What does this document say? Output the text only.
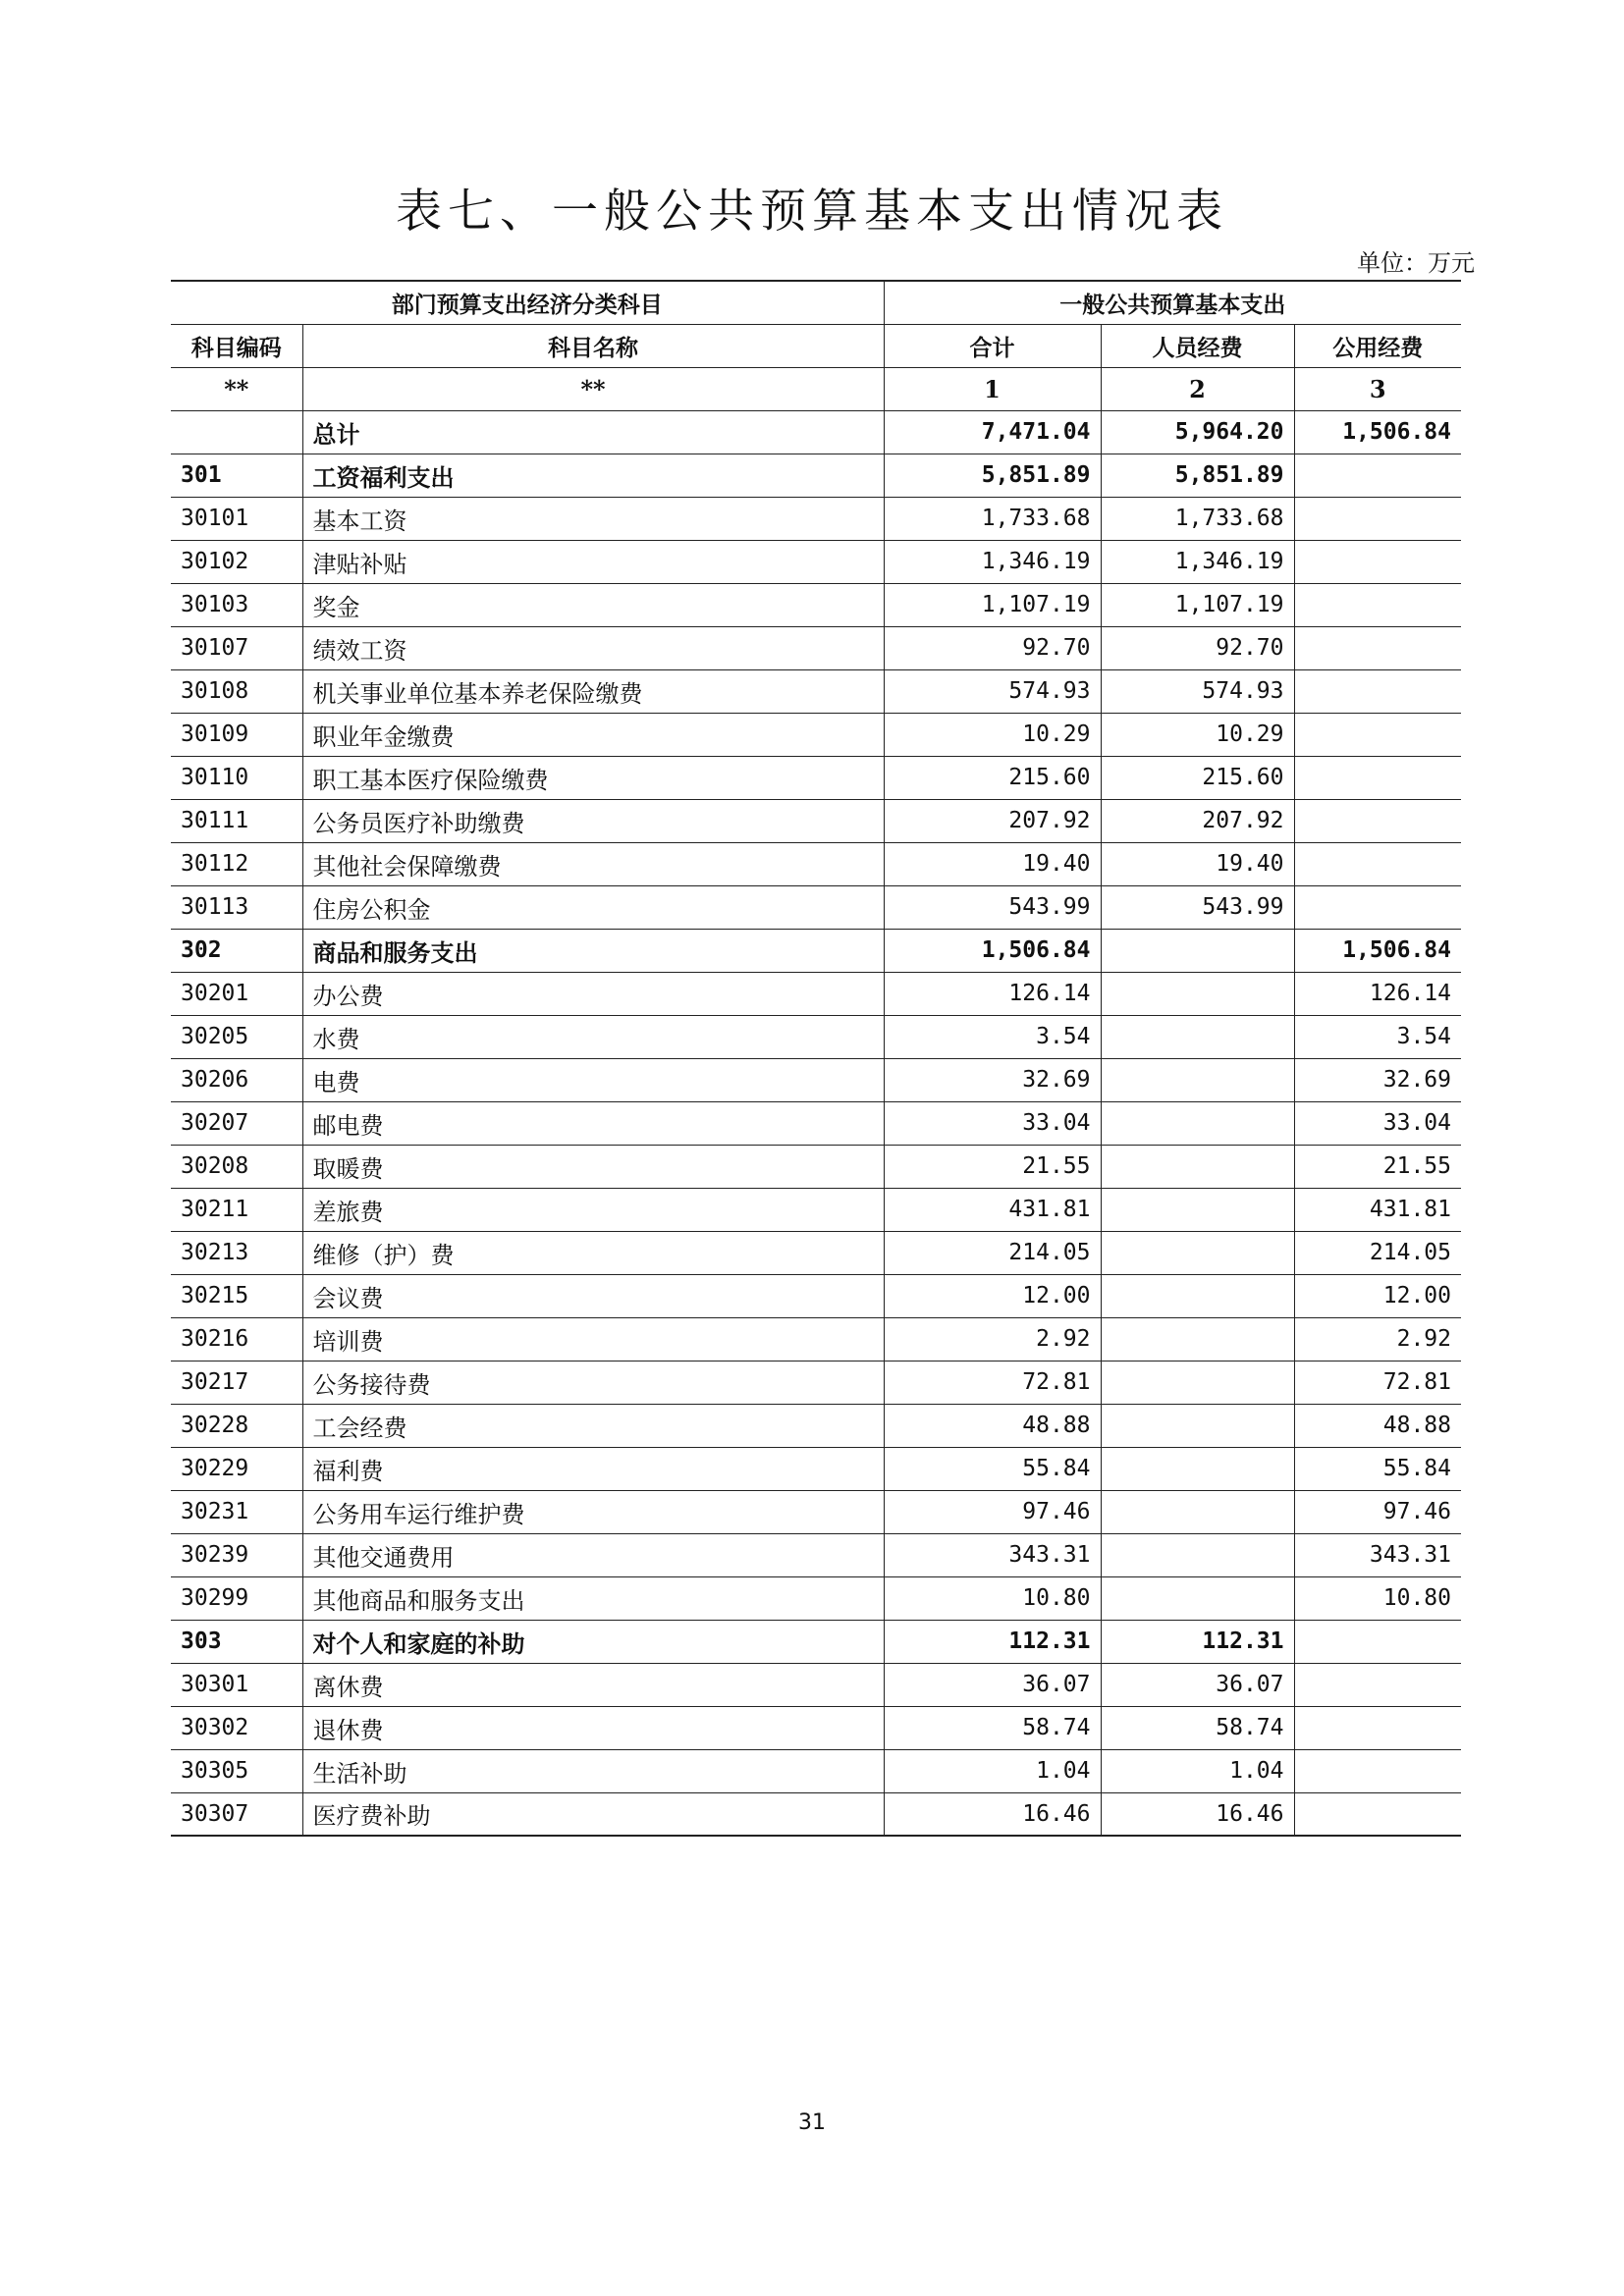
表七、一般公共预算基本支出情况表
单位：万元
部门预算支出经济分类科目		一般公共预算基本支出		
科目编码	科目名称	合计	人员经费	公用经费
**	**	1	2	3
	总计	7,471.04	5,964.20	1,506.84
301	工资福利支出	5,851.89	5,851.89	
30101	基本工资	1,733.68	1,733.68	
30102	津贴补贴	1,346.19	1,346.19	
30103	奖金	1,107.19	1,107.19	
30107	绩效工资	92.70	92.70	
30108	机关事业单位基本养老保险缴费	574.93	574.93	
30109	职业年金缴费	10.29	10.29	
30110	职工基本医疗保险缴费	215.60	215.60	
30111	公务员医疗补助缴费	207.92	207.92	
30112	其他社会保障缴费	19.40	19.40	
30113	住房公积金	543.99	543.99	
302	商品和服务支出	1,506.84		1,506.84
30201	办公费	126.14		126.14
30205	水费	3.54		3.54
30206	电费	32.69		32.69
30207	邮电费	33.04		33.04
30208	取暖费	21.55		21.55
30211	差旅费	431.81		431.81
30213	维修（护）费	214.05		214.05
30215	会议费	12.00		12.00
30216	培训费	2.92		2.92
30217	公务接待费	72.81		72.81
30228	工会经费	48.88		48.88
30229	福利费	55.84		55.84
30231	公务用车运行维护费	97.46		97.46
30239	其他交通费用	343.31		343.31
30299	其他商品和服务支出	10.80		10.80
303	对个人和家庭的补助	112.31	112.31	
30301	离休费	36.07	36.07	
30302	退休费	58.74	58.74	
30305	生活补助	1.04	1.04	
30307	医疗费补助	16.46	16.46	
31
